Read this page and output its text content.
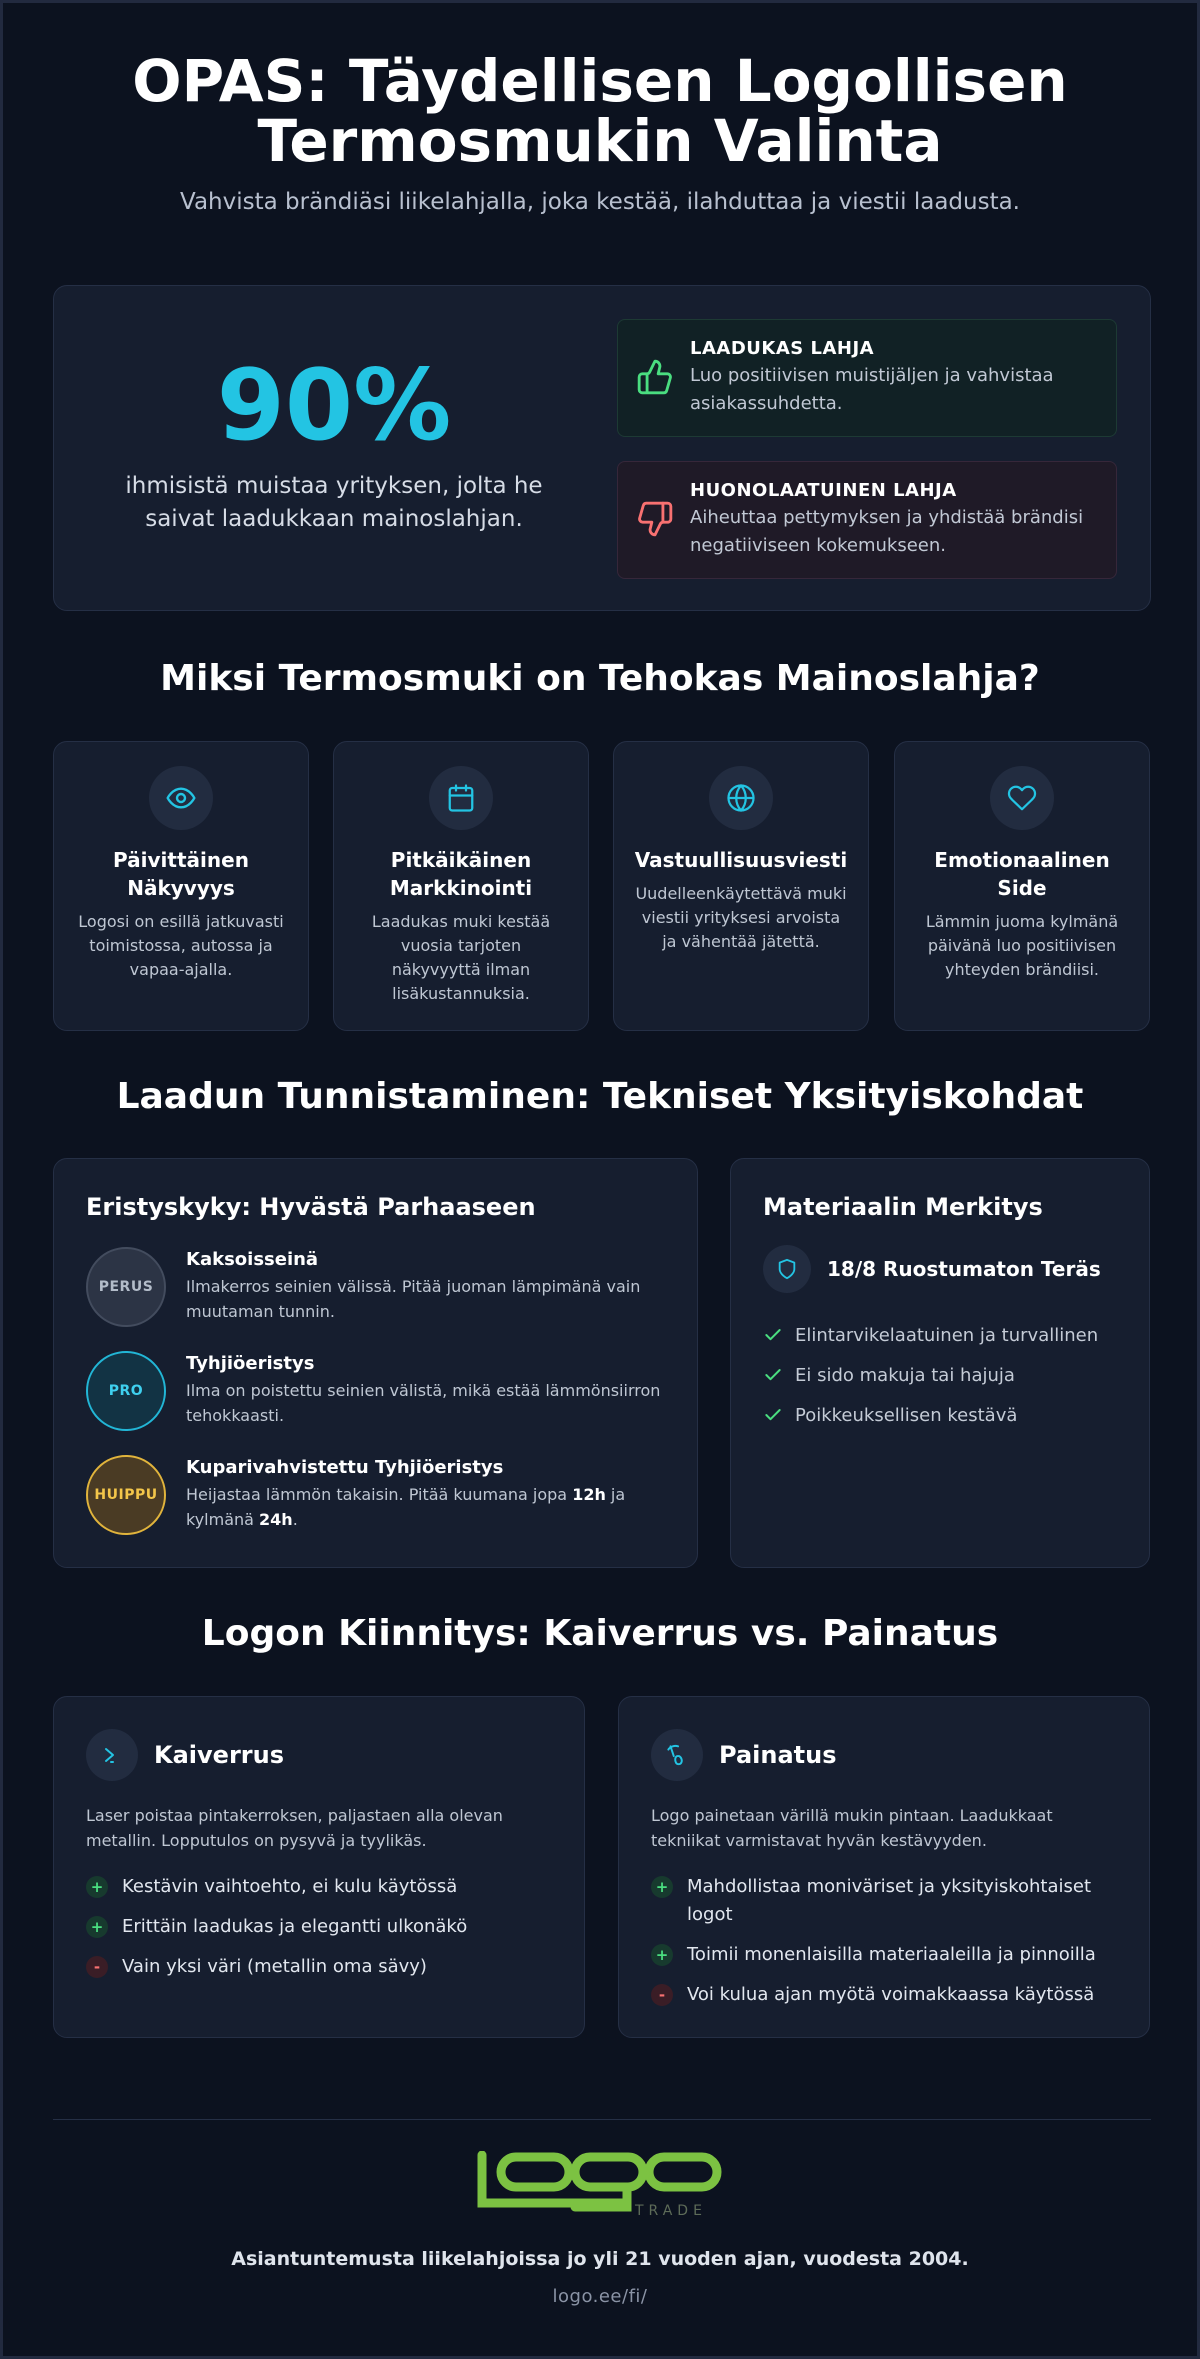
OPAS: Täydellisen Logollisen Termosmukin Valinta

Vahvista brändiäsi liikelahjalla, joka kestää, ilahduttaa ja viestii laadusta.

90%
ihmisistä muistaa yrityksen, jolta he saivat laadukkaan mainoslahjan.
LAADUKAS LAHJA

Luo positiivisen muistijäljen ja vahvistaa asiakassuhdetta.

HUONOLAATUINEN LAHJA

Aiheuttaa pettymyksen ja yhdistää brändisi negatiiviseen kokemukseen.

Miksi Termosmuki on Tehokas Mainoslahja?
Päivittäinen Näkyvyys

Logosi on esillä jatkuvasti toimistossa, autossa ja vapaa-ajalla.

Pitkäikäinen Markkinointi

Laadukas muki kestää vuosia tarjoten näkyvyyttä ilman lisäkustannuksia.

Vastuullisuusviesti

Uudelleenkäytettävä muki viestii yrityksesi arvoista ja vähentää jätettä.

Emotionaalinen Side

Lämmin juoma kylmänä päivänä luo positiivisen yhteyden brändiisi.

Laadun Tunnistaminen: Tekniset Yksityiskohdat
Eristyskyky: Hyvästä Parhaaseen
PERUS
Kaksoisseinä

Ilmakerros seinien välissä. Pitää juoman lämpimänä vain muutaman tunnin.

PRO
Tyhjiöeristys

Ilma on poistettu seinien välistä, mikä estää lämmönsiirron tehokkaasti.

HUIPPU
Kuparivahvistettu Tyhjiöeristys

Heijastaa lämmön takaisin. Pitää kuumana jopa 12h ja kylmänä 24h.

Materiaalin Merkitys
18/8 Ruostumaton Teräs
Elintarvikelaatuinen ja turvallinen
Ei sido makuja tai hajuja
Poikkeuksellisen kestävä
Logon Kiinnitys: Kaiverrus vs. Painatus
Kaiverrus

Laser poistaa pintakerroksen, paljastaen alla olevan metallin. Lopputulos on pysyvä ja tyylikäs.

+ Kestävin vaihtoehto, ei kulu käytössä
+ Erittäin laadukas ja elegantti ulkonäkö
-	Vain yksi väri (metallin oma sävy)
Painatus

Logo painetaan värillä mukin pintaan. Laadukkaat tekniikat varmistavat hyvän kestävyyden.

+ Mahdollistaa moniväriset ja yksityiskohtaiset logot
+ Toimii monenlaisilla materiaaleilla ja pinnoilla
-	Voi kulua ajan myötä voimakkaassa käytössä
TRADE
logo
Asiantuntemusta liikelahjoissa jo yli 21 vuoden ajan, vuodesta 2004.
logo.ee/fi/
